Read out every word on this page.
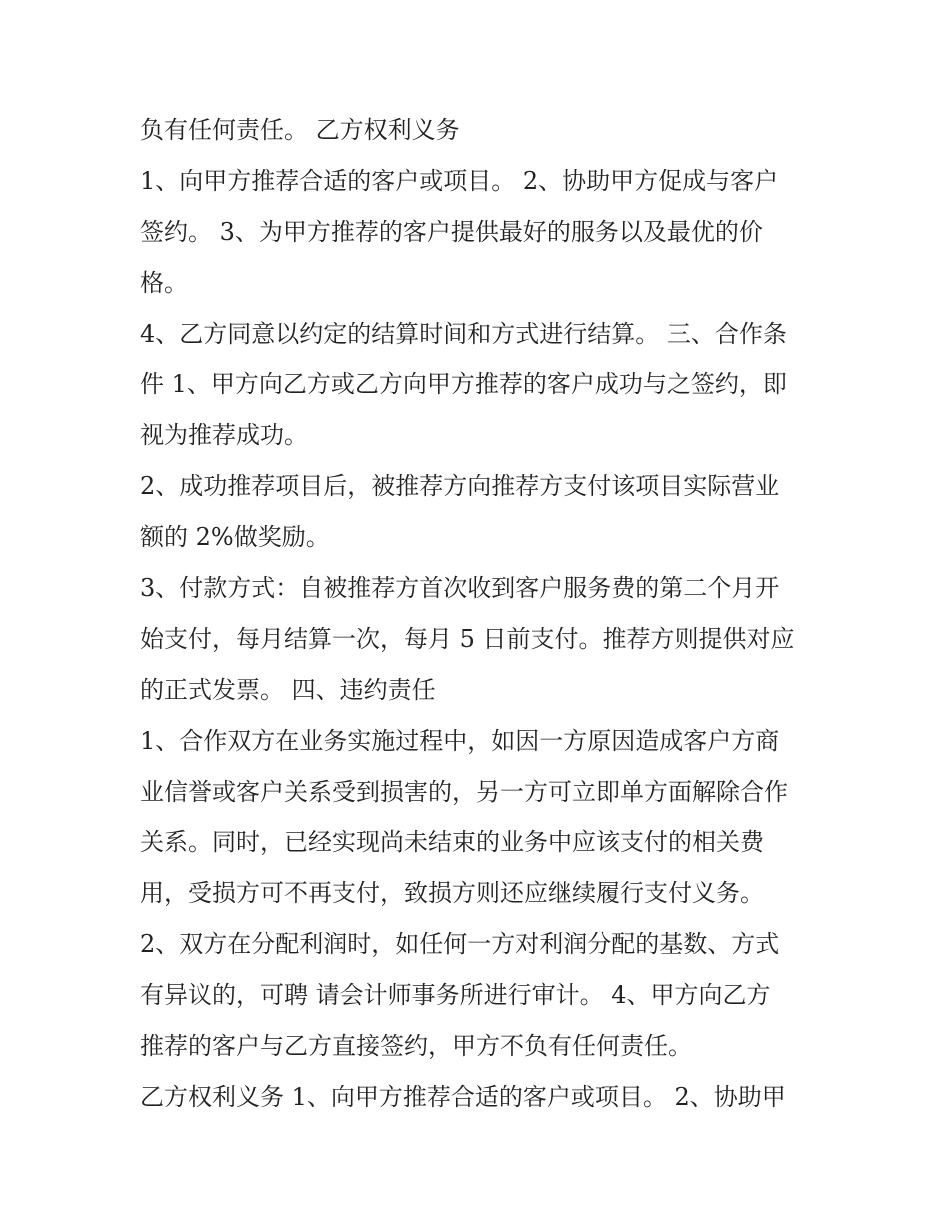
负有任何责任。 乙方权利义务
1、向甲方推荐合适的客户或项目。 2、协助甲方促成与客户
签约。 3、为甲方推荐的客户提供最好的服务以及最优的价
格。
4、乙方同意以约定的结算时间和方式进行结算。 三、合作条
件 1、甲方向乙方或乙方向甲方推荐的客户成功与之签约，即
视为推荐成功。
2、成功推荐项目后，被推荐方向推荐方支付该项目实际营业
额的 2%做奖励。
3、付款方式：自被推荐方首次收到客户服务费的第二个月开
始支付，每月结算一次，每月 5 日前支付。推荐方则提供对应
的正式发票。 四、违约责任
1、合作双方在业务实施过程中，如因一方原因造成客户方商
业信誉或客户关系受到损害的，另一方可立即单方面解除合作
关系。同时，已经实现尚未结束的业务中应该支付的相关费
用，受损方可不再支付，致损方则还应继续履行支付义务。
2、双方在分配利润时，如任何一方对利润分配的基数、方式
有异议的，可聘 请会计师事务所进行审计。 4、甲方向乙方
推荐的客户与乙方直接签约，甲方不负有任何责任。
乙方权利义务 1、向甲方推荐合适的客户或项目。 2、协助甲
